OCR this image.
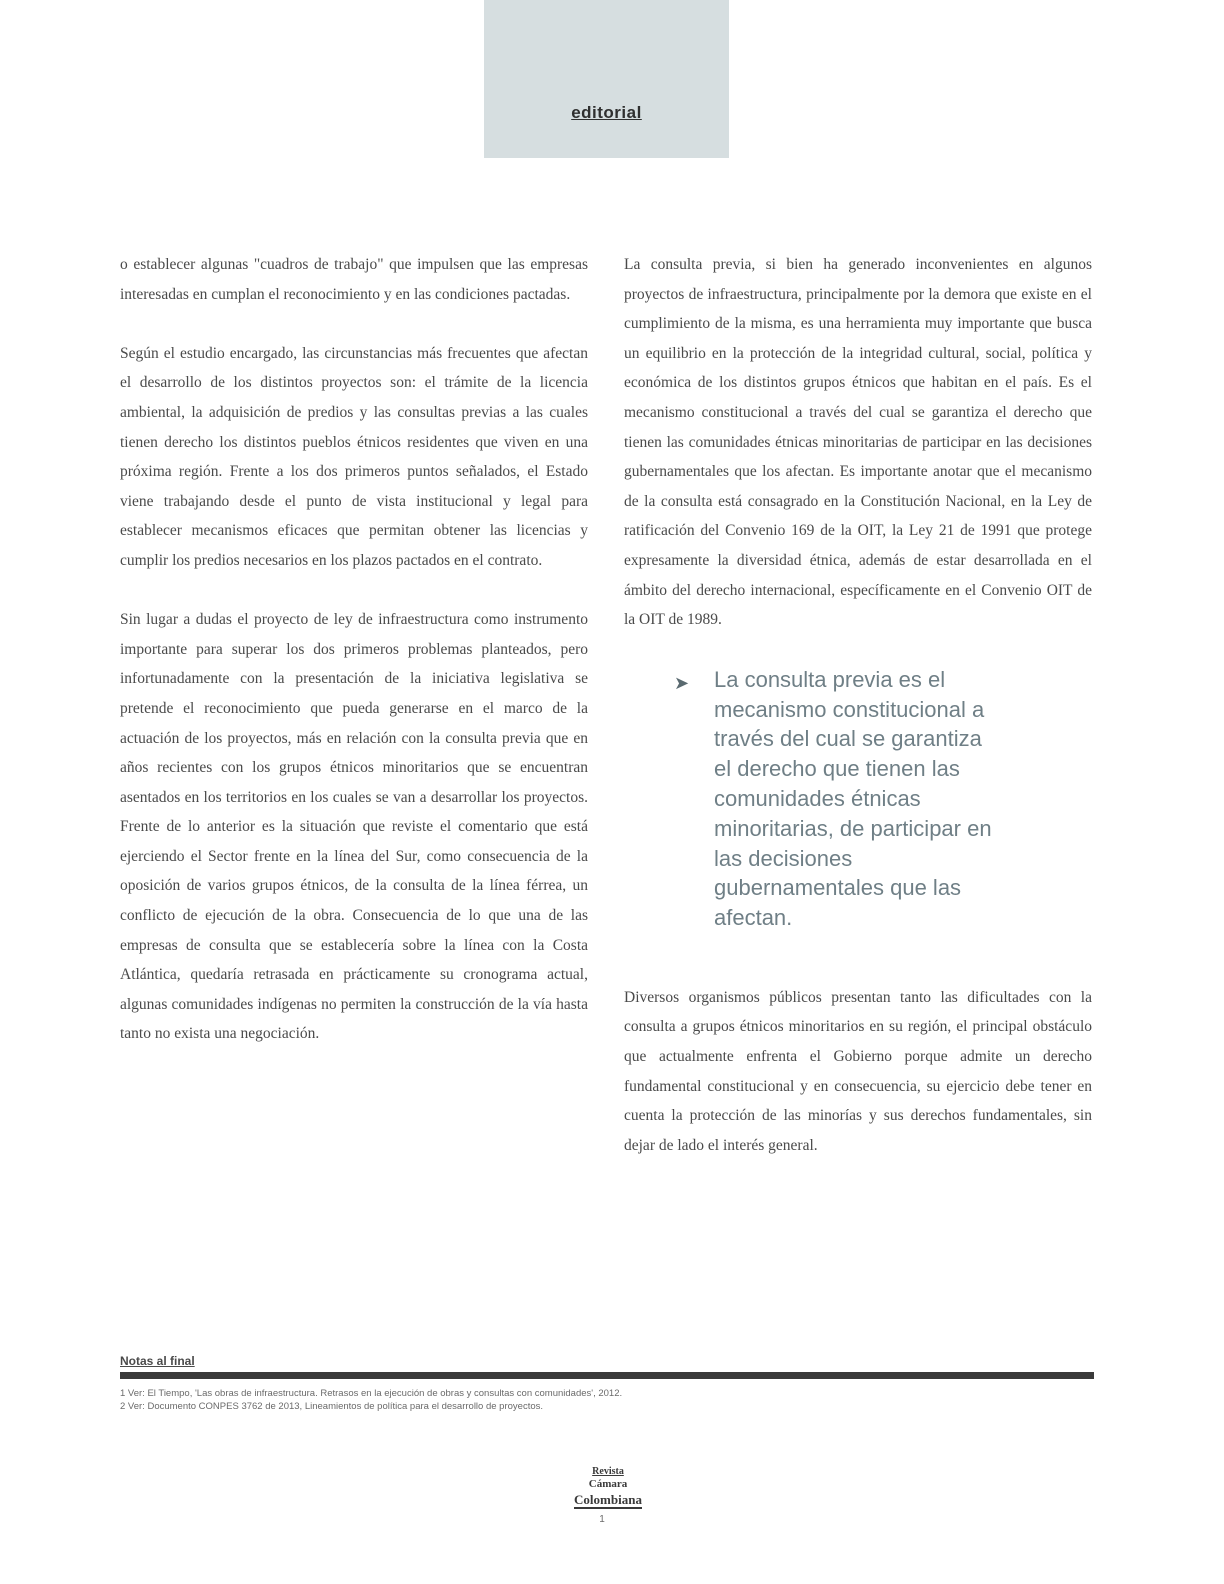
editorial

o establecer algunas "cuadros de trabajo" que impulsen que las empresas interesadas en cumplan el reconocimiento y en las condiciones pactadas.

Según el estudio encargado, las circunstancias más frecuentes que afectan el desarrollo de los distintos proyectos son: el trámite de la licencia ambiental, la adquisición de predios y las consultas previas a las cuales tienen derecho los distintos pueblos étnicos residentes que viven en una próxima región. Frente a los dos primeros puntos señalados, el Estado viene trabajando desde el punto de vista institucional y legal para establecer mecanismos eficaces que permitan obtener las licencias y cumplir los predios necesarios en los plazos pactados en el contrato.

Sin lugar a dudas el proyecto de ley de infraestructura como instrumento importante para superar los dos primeros problemas planteados, pero infortunadamente con la presentación de la iniciativa legislativa se pretende el reconocimiento que pueda generarse en el marco de la actuación de los proyectos, más en relación con la consulta previa que en años recientes con los grupos étnicos minoritarios que se encuentran asentados en los territorios en los cuales se van a desarrollar los proyectos. Frente de lo anterior es la situación que reviste el comentario que está ejerciendo el Sector frente en la línea del Sur, como consecuencia de la oposición de varios grupos étnicos, de la consulta de la línea férrea, un conflicto de ejecución de la obra. Consecuencia de lo que una de las empresas de consulta que se establecería sobre la línea con la Costa Atlántica, quedaría retrasada en prácticamente su cronograma actual, algunas comunidades indígenas no permiten la construcción de la vía hasta tanto no exista una negociación.

La consulta previa, si bien ha generado inconvenientes en algunos proyectos de infraestructura, principalmente por la demora que existe en el cumplimiento de la misma, es una herramienta muy importante que busca un equilibrio en la protección de la integridad cultural, social, política y económica de los distintos grupos étnicos que habitan en el país. Es el mecanismo constitucional a través del cual se garantiza el derecho que tienen las comunidades étnicas minoritarias de participar en las decisiones gubernamentales que los afectan. Es importante anotar que el mecanismo de la consulta está consagrado en la Constitución Nacional, en la Ley de ratificación del Convenio 169 de la OIT, la Ley 21 de 1991 que protege expresamente la diversidad étnica, además de estar desarrollada en el ámbito del derecho internacional, específicamente en el Convenio OIT de la OIT de 1989.

➤ La consulta previa es el mecanismo constitucional a través del cual se garantiza el derecho que tienen las comunidades étnicas minoritarias, de participar en las decisiones gubernamentales que las afectan.

Diversos organismos públicos presentan tanto las dificultades con la consulta a grupos étnicos minoritarios en su región, el principal obstáculo que actualmente enfrenta el Gobierno porque admite un derecho fundamental constitucional y en consecuencia, su ejercicio debe tener en cuenta la protección de las minorías y sus derechos fundamentales, sin dejar de lado el interés general.

Notas al final
1 Ver: El Tiempo, 'Las obras de infraestructura. Retrasos en la ejecución de obras y consultas con comunidades', 2012.
2 Ver: Documento CONPES 3762 de 2013, Lineamientos de política para el desarrollo de proyectos.
Revista
Cámara
Colombiana
1
